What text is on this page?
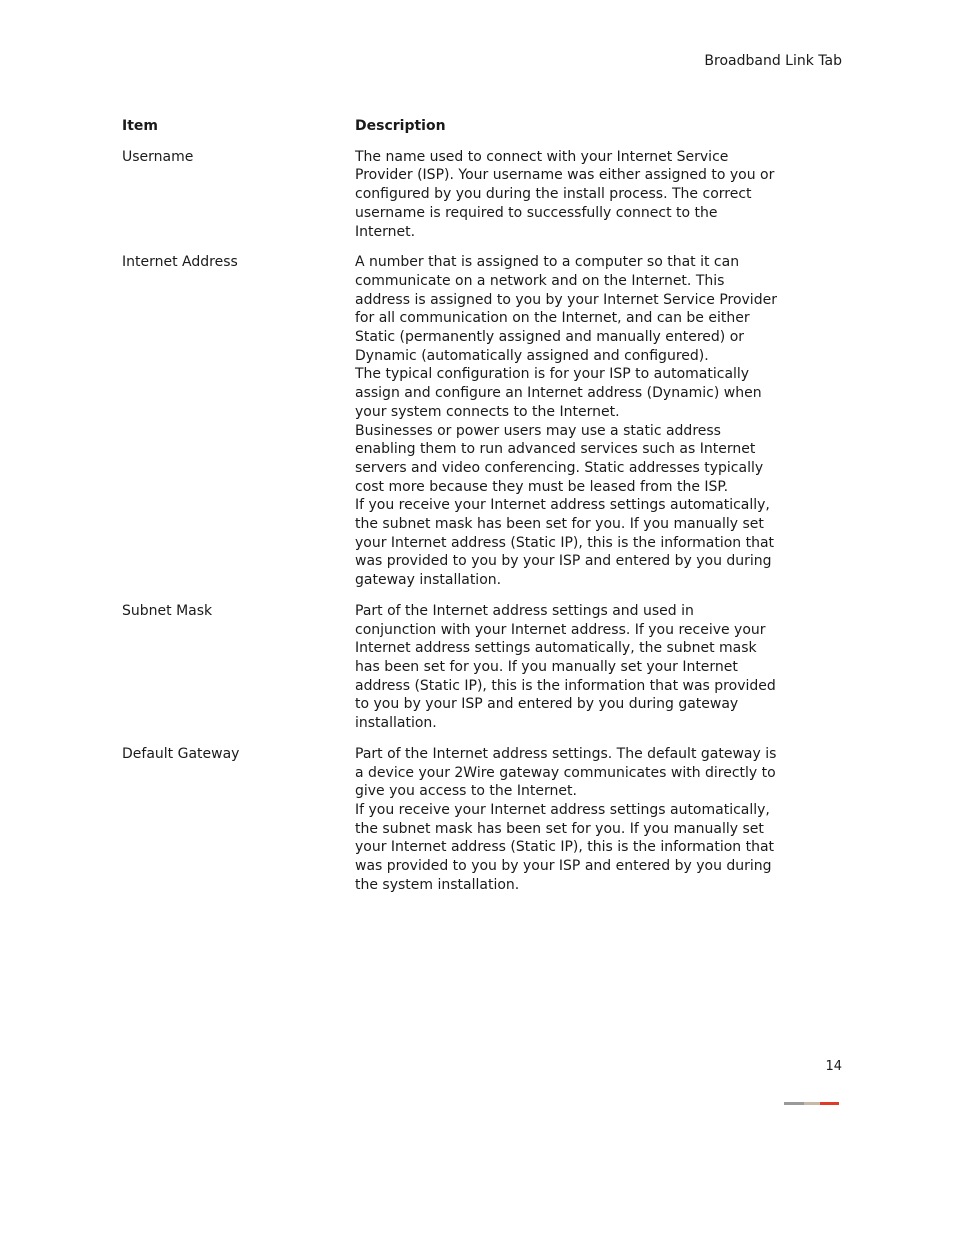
Broadband Link Tab
Item	Description
Username	The name used to connect with your Internet Service Provider (ISP). Your username was either assigned to you or configured by you during the install process. The correct username is required to successfully connect to the Internet.

Internet Address	A number that is assigned to a computer so that it can communicate on a network and on the Internet. This address is assigned to you by your Internet Service Provider for all communication on the Internet, and can be either Static (permanently assigned and manually entered) or Dynamic (automatically assigned and configured).

The typical configuration is for your ISP to automatically assign and configure an Internet address (Dynamic) when your system connects to the Internet.

Businesses or power users may use a static address enabling them to run advanced services such as Internet servers and video conferencing. Static addresses typically cost more because they must be leased from the ISP.

If you receive your Internet address settings automatically, the subnet mask has been set for you. If you manually set your Internet address (Static IP), this is the information that was provided to you by your ISP and entered by you during gateway installation.

Subnet Mask	Part of the Internet address settings and used in conjunction with your Internet address. If you receive your Internet address settings automatically, the subnet mask has been set for you. If you manually set your Internet address (Static IP), this is the information that was provided to you by your ISP and entered by you during gateway installation.

Default Gateway	Part of the Internet address settings. The default gateway is a device your 2Wire gateway communicates with directly to give you access to the Internet.

If you receive your Internet address settings automatically, the subnet mask has been set for you. If you manually set your Internet address (Static IP), this is the information that was provided to you by your ISP and entered by you during the system installation.

14
